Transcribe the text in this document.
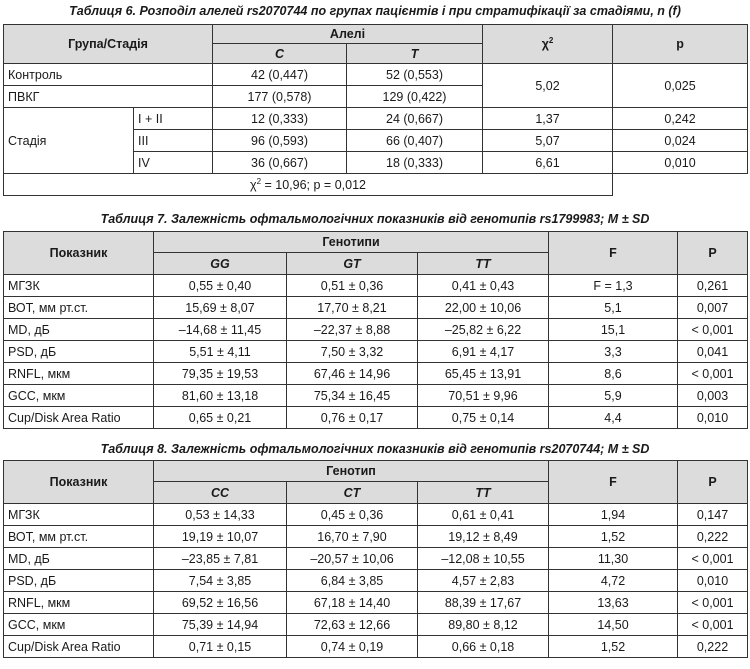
Таблиця 6. Розподіл алелей rs2070744 по групах пацієнтів і при стратифікації за стадіями, n (f)
Група/Стадія		Алелі		$\chi^2$	p
		C	T		
Контроль		42 (0,447)	52 (0,553)	5,02	0,025
ПВКГ		177 (0,578)	129 (0,422)		
Стадія	I + II	12 (0,333)	24 (0,667)	1,37	0,242
	III	96 (0,593)	66 (0,407)	5,07	0,024
	IV	36 (0,667)	18 (0,333)	6,61	0,010
$\chi^2 = 10,96$; p = 0,012					
Таблиця 7. Залежність офтальмологічних показників від генотипів rs1799983; M ± SD
Показник	Генотипи			F	P
	GG	GT	TT		
МГЗК	0,55 ± 0,40	0,51 ± 0,36	0,41 ± 0,43	F = 1,3	0,261
ВОТ, мм рт.ст.	15,69 ± 8,07	17,70 ± 8,21	22,00 ± 10,06	5,1	0,007
MD, дБ	–14,68 ± 11,45	–22,37 ± 8,88	–25,82 ± 6,22	15,1	< 0,001
PSD, дБ	5,51 ± 4,11	7,50 ± 3,32	6,91 ± 4,17	3,3	0,041
RNFL, мкм	79,35 ± 19,53	67,46 ± 14,96	65,45 ± 13,91	8,6	< 0,001
GCC, мкм	81,60 ± 13,18	75,34 ± 16,45	70,51 ± 9,96	5,9	0,003
Cup/Disk Area Ratio	0,65 ± 0,21	0,76 ± 0,17	0,75 ± 0,14	4,4	0,010
Таблиця 8. Залежність офтальмологічних показників від генотипів rs2070744; M ± SD
Показник	Генотип			F	P
	CC	CT	TT		
МГЗК	0,53 ± 14,33	0,45 ± 0,36	0,61 ± 0,41	1,94	0,147
ВОТ, мм рт.ст.	19,19 ± 10,07	16,70 ± 7,90	19,12 ± 8,49	1,52	0,222
MD, дБ	–23,85 ± 7,81	–20,57 ± 10,06	–12,08 ± 10,55	11,30	< 0,001
PSD, дБ	7,54 ± 3,85	6,84 ± 3,85	4,57 ± 2,83	4,72	0,010
RNFL, мкм	69,52 ± 16,56	67,18 ± 14,40	88,39 ± 17,67	13,63	< 0,001
GCC, мкм	75,39 ± 14,94	72,63 ± 12,66	89,80 ± 8,12	14,50	< 0,001
Cup/Disk Area Ratio	0,71 ± 0,15	0,74 ± 0,19	0,66 ± 0,18	1,52	0,222
